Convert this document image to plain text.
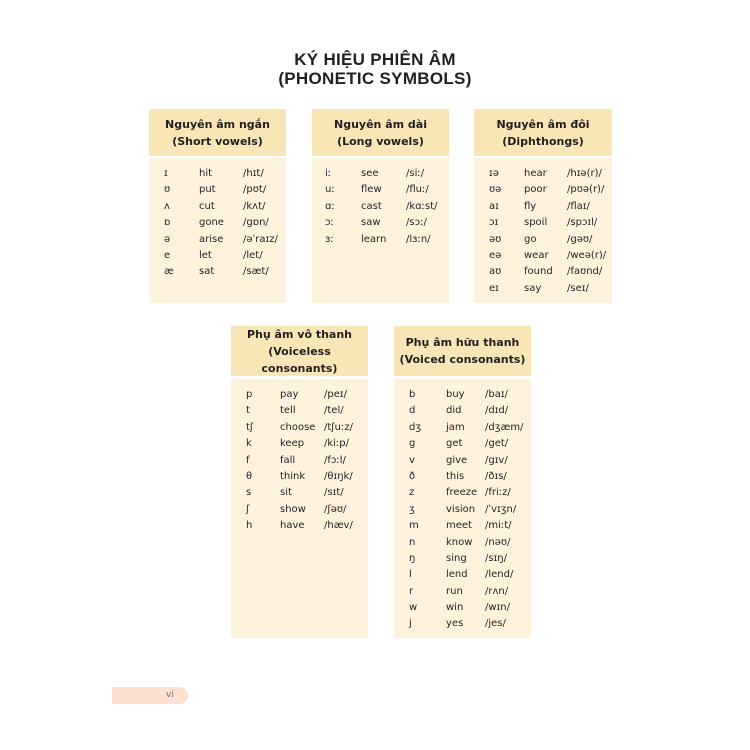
KÝ HIỆU PHIÊN ÂM
(PHONETIC SYMBOLS)
Nguyên âm ngắn
(Short vowels)
ɪ	hit	/hɪt/
ʊ	put	/pʊt/
ʌ	cut	/kʌt/
ɒ	gone /gɒn/
ə	arise /əˈraɪz/
e	let	/let/
æ	sat	/sæt/
Nguyên âm dài
(Long vowels)
iː	see	/siː/
uː	flew /fluː/
ɑː	cast /kɑːst/
ɔː	saw	/sɔː/
ɜː	learn /lɜːn/
Nguyên âm đôi
(Diphthongs)
ɪə	hear /hɪə(r)/
ʊə poor /pʊə(r)/
aɪ	fly	/flaɪ/
ɔɪ	spoil /spɔɪl/
əʊ go	/gəʊ/
eə wear /weə(r)/
aʊ found /faʊnd/
eɪ	say	/seɪ/
Phụ âm vô thanh
(Voiceless consonants)
p	pay	/peɪ/
t	tell	/tel/
tʃ	choose /tʃuːz/
k	keep /kiːp/
f	fall	/fɔːl/
θ	think /θɪŋk/
s	sit	/sɪt/
ʃ	show /ʃəʊ/
h	have /hæv/
Phụ âm hữu thanh
(Voiced consonants)
b	buy /baɪ/
d	did /dɪd/
dʒ jam /dʒæm/
g	get /get/
v	give /gɪv/
ð	this /ðɪs/
z	freeze /friːz/
ʒ	vision /ˈvɪʒn/
m	meet /miːt/
n	know /nəʊ/
ŋ	sing /sɪŋ/
l	lend /lend/
r	run /rʌn/
w	win /wɪn/
j	yes /jes/
vi
